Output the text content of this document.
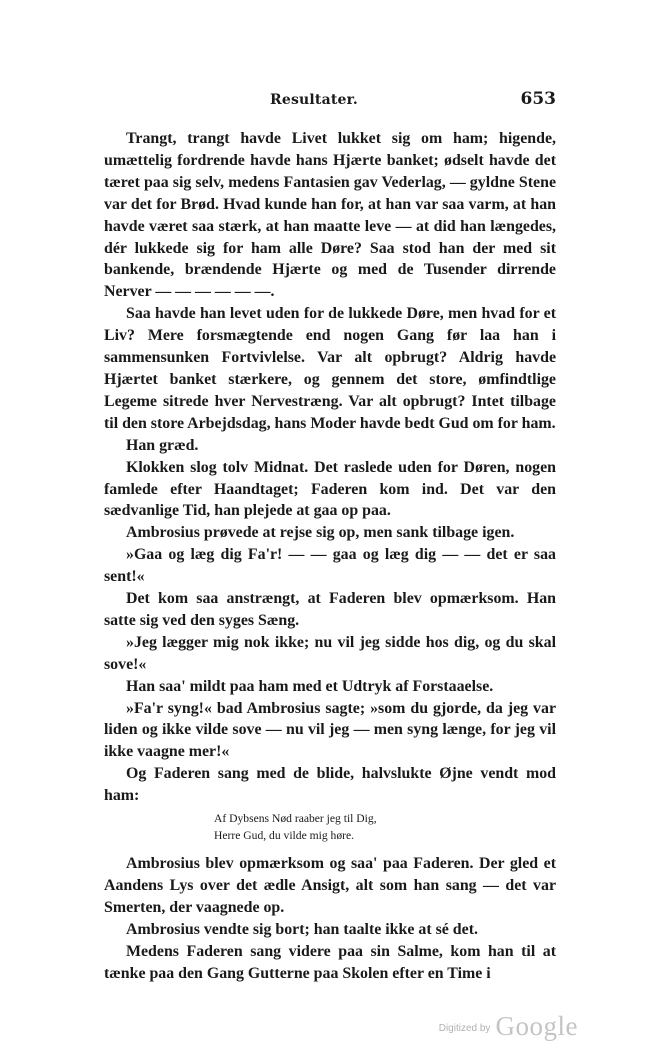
Resultater.	653

Trangt, trangt havde Livet lukket sig om ham; higende, umættelig fordrende havde hans Hjærte banket; ødselt havde det tæret paa sig selv, medens Fantasien gav Vederlag, — gyldne Stene var det for Brød. Hvad kunde han for, at han var saa varm, at han havde været saa stærk, at han maatte leve — at did han længedes, dér lukkede sig for ham alle Døre? Saa stod han der med sit bankende, brændende Hjærte og med de Tusender dirrende Nerver — — — — — —.

Saa havde han levet uden for de lukkede Døre, men hvad for et Liv? Mere forsmægtende end nogen Gang før laa han i sammensunken Fortvivlelse. Var alt opbrugt? Aldrig havde Hjærtet banket stærkere, og gennem det store, ømfindtlige Legeme sitrede hver Nervestræng. Var alt opbrugt? Intet tilbage til den store Arbejdsdag, hans Moder havde bedt Gud om for ham.

Han græd.

Klokken slog tolv Midnat. Det raslede uden for Døren, nogen famlede efter Haandtaget; Faderen kom ind. Det var den sædvanlige Tid, han plejede at gaa op paa.

Ambrosius prøvede at rejse sig op, men sank tilbage igen.

»Gaa og læg dig Fa'r! — — gaa og læg dig — — det er saa sent!«

Det kom saa anstrængt, at Faderen blev opmærksom. Han satte sig ved den syges Sæng.

»Jeg lægger mig nok ikke; nu vil jeg sidde hos dig, og du skal sove!«

Han saa' mildt paa ham med et Udtryk af Forstaaelse.

»Fa'r syng!« bad Ambrosius sagte; »som du gjorde, da jeg var liden og ikke vilde sove — nu vil jeg — men syng længe, for jeg vil ikke vaagne mer!«

Og Faderen sang med de blide, halvslukte Øjne vendt mod ham:

Af Dybsens Nød raaber jeg til Dig,
Herre Gud, du vilde mig høre.

Ambrosius blev opmærksom og saa' paa Faderen. Der gled et Aandens Lys over det ædle Ansigt, alt som han sang — det var Smerten, der vaagnede op.

Ambrosius vendte sig bort; han taalte ikke at sé det.

Medens Faderen sang videre paa sin Salme, kom han til at tænke paa den Gang Gutterne paa Skolen efter en Time i

$^{Digitized by}$ Google
